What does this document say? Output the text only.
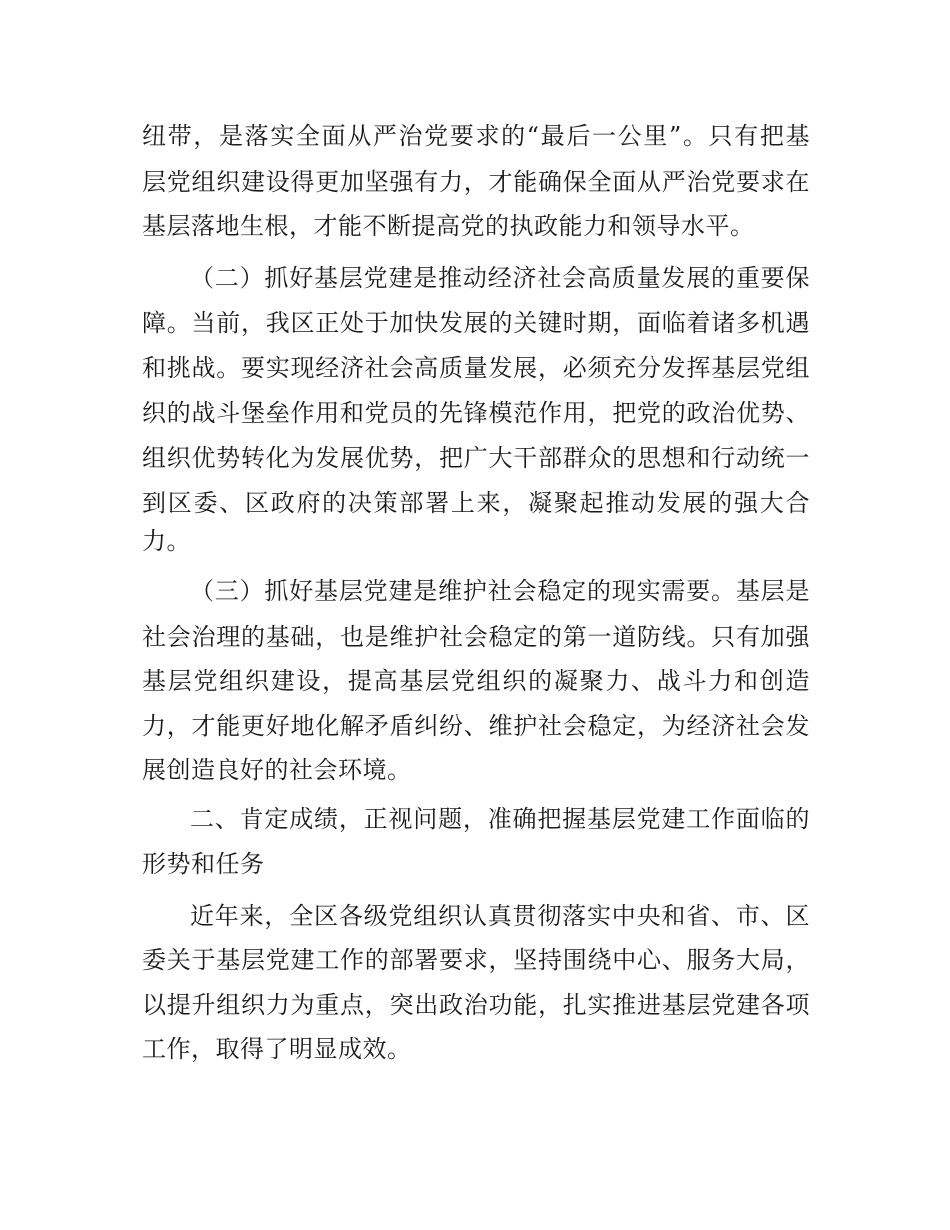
纽带，是落实全面从严治党要求的“最后一公里”。只有把基
层党组织建设得更加坚强有力，才能确保全面从严治党要求在
基层落地生根，才能不断提高党的执政能力和领导水平。
（二）抓好基层党建是推动经济社会高质量发展的重要保
障。当前，我区正处于加快发展的关键时期，面临着诸多机遇
和挑战。要实现经济社会高质量发展，必须充分发挥基层党组
织的战斗堡垒作用和党员的先锋模范作用，把党的政治优势、
组织优势转化为发展优势，把广大干部群众的思想和行动统一
到区委、区政府的决策部署上来，凝聚起推动发展的强大合
力。
（三）抓好基层党建是维护社会稳定的现实需要。基层是
社会治理的基础，也是维护社会稳定的第一道防线。只有加强
基层党组织建设，提高基层党组织的凝聚力、战斗力和创造
力，才能更好地化解矛盾纠纷、维护社会稳定，为经济社会发
展创造良好的社会环境。
二、肯定成绩，正视问题，准确把握基层党建工作面临的
形势和任务
近年来，全区各级党组织认真贯彻落实中央和省、市、区
委关于基层党建工作的部署要求，坚持围绕中心、服务大局，
以提升组织力为重点，突出政治功能，扎实推进基层党建各项
工作，取得了明显成效。
